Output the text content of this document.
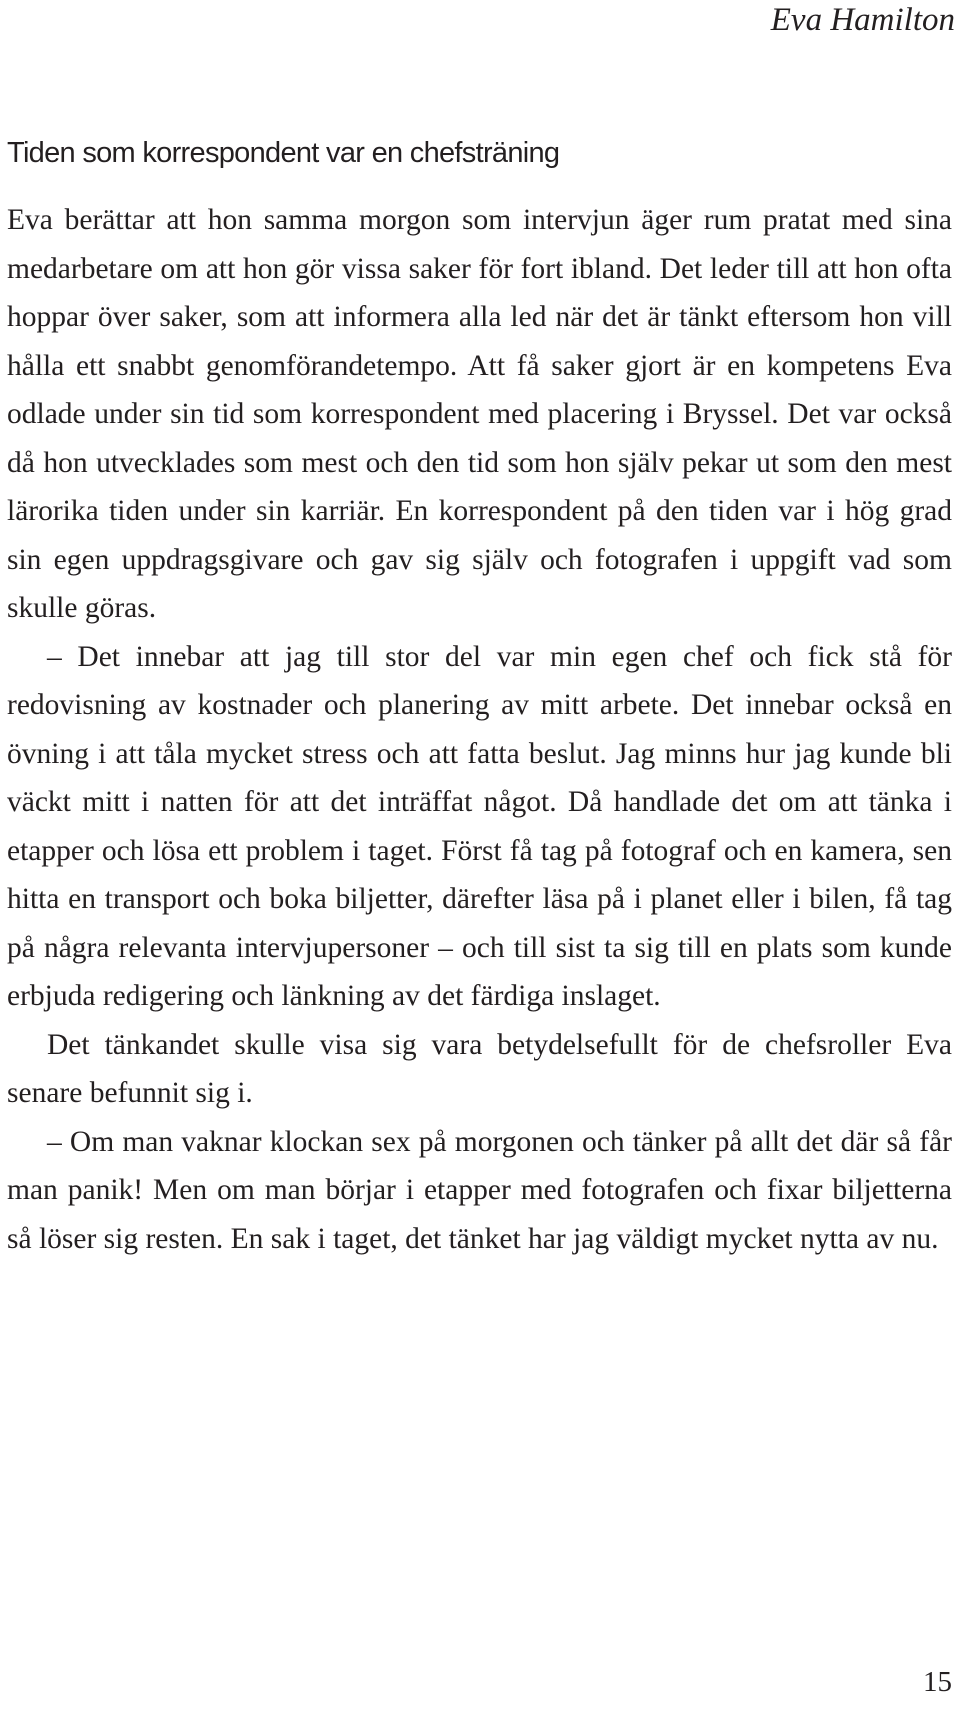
Eva Hamilton
Tiden som korrespondent var en chefsträning

Eva berättar att hon samma morgon som intervjun äger rum pratat med sina medarbetare om att hon gör vissa saker för fort ibland. Det leder till att hon ofta hoppar över saker, som att informera alla led när det är tänkt eftersom hon vill hålla ett snabbt genomförandetempo. Att få saker gjort är en kompetens Eva odlade under sin tid som korrespondent med placering i Bryssel. Det var också då hon utvecklades som mest och den tid som hon själv pekar ut som den mest lärorika tiden under sin karriär. En korrespondent på den tiden var i hög grad sin egen uppdragsgivare och gav sig själv och fotografen i uppgift vad som skulle göras.

– Det innebar att jag till stor del var min egen chef och fick stå för redovisning av kostnader och planering av mitt arbete. Det innebar också en övning i att tåla mycket stress och att fatta beslut. Jag minns hur jag kunde bli väckt mitt i natten för att det inträffat något. Då handlade det om att tänka i etapper och lösa ett problem i taget. Först få tag på fotograf och en kamera, sen hitta en transport och boka biljetter, därefter läsa på i planet eller i bilen, få tag på några relevanta intervjupersoner – och till sist ta sig till en plats som kunde erbjuda redigering och länkning av det färdiga inslaget.

Det tänkandet skulle visa sig vara betydelsefullt för de chefsroller Eva senare befunnit sig i.

– Om man vaknar klockan sex på morgonen och tänker på allt det där så får man panik! Men om man börjar i etapper med fotografen och fixar biljetterna så löser sig resten. En sak i taget, det tänket har jag väldigt mycket nytta av nu.

15
